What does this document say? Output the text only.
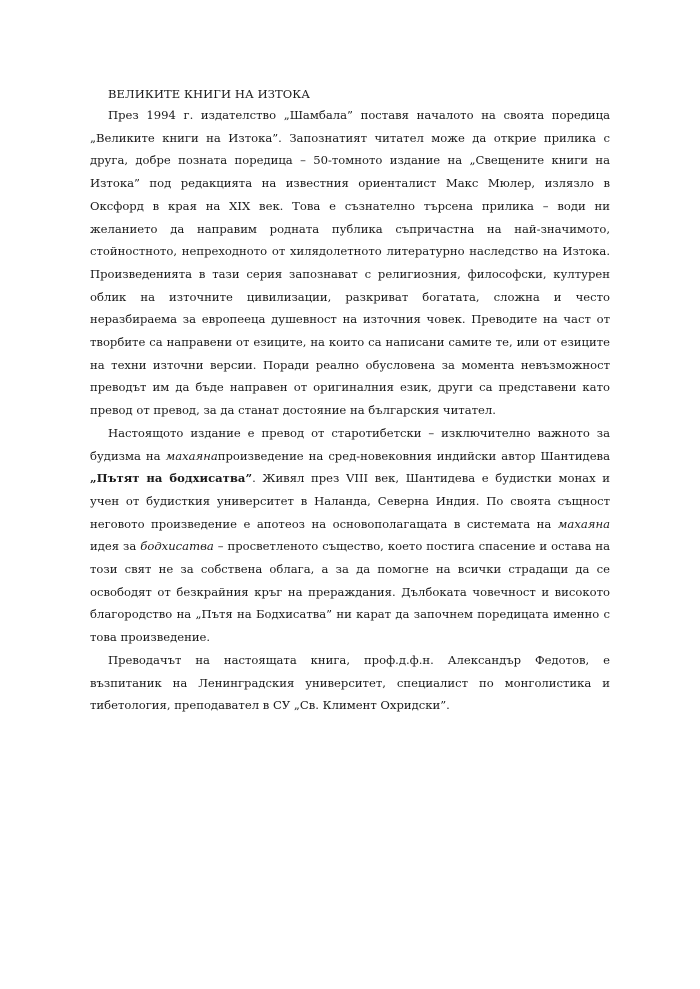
ВЕЛИКИТЕ КНИГИ НА ИЗТОКА

През 1994 г. издателство „Шамбала” поставя началото на своята поредица „Великите книги на Изтока”. Запознатият читател може да открие прилика с друга, добре позната поредица – 50-томното издание на „Свещените книги на Изтока” под редакцията на известния ориенталист Макс Мюлер, излязло в Оксфорд в края на XIX век. Това е съзнателно търсена прилика – води ни желанието да направим родната публика съпричастна на най-значимото, стойностното, непреходното от хилядолетното литературно наследство на Изтока. Произведенията в тази серия запознават с религиозния, философски, културен облик на източните цивилизации, разкриват богатата, сложна и често неразбираема за европееца душевност на източния човек. Преводите на част от творбите са направени от езиците, на които са написани самите те, или от езиците на техни източни версии. Поради реално обусловена за момента невъзможност преводът им да бъде направен от оригиналния език, други са представени като превод от превод, за да станат достояние на българския читател.

Настоящото издание е превод от старотибетски – изключително важното за будизма на махаянапроизведение на сред-новековния индийски автор Шантидева „Пътят на бодхисатва”. Живял през VIII век, Шантидева е будистки монах и учен от будисткия университет в Наланда, Северна Индия. По своята същност неговото произведение е апотеоз на основополагащата в системата на махаяна идея за бодхисатва – просветленото същество, което постига спасение и остава на този свят не за собствена облага, а за да помогне на всички страдащи да се освободят от безкрайния кръг на прераждания. Дълбоката човечност и високото благородство на „Пътя на Бодхисатва” ни карат да започнем поредицата именно с това произведение.

Преводачът на настоящата книга, проф.д.ф.н. Александър Федотов, е възпитаник на Ленинградския университет, специалист по монголистика и тибетология, преподавател в СУ „Св. Климент Охридски”.
